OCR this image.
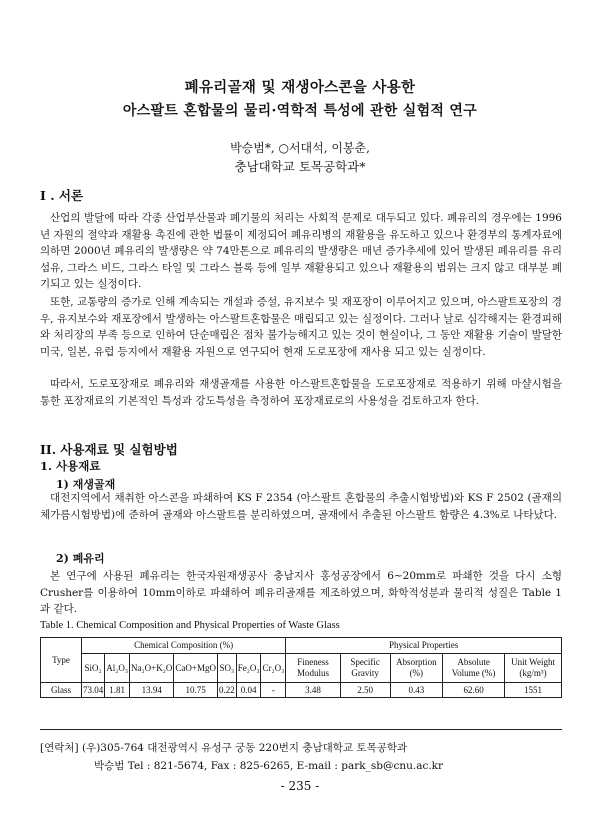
폐유리골재 및 재생아스콘을 사용한
아스팔트 혼합물의 물리·역학적 특성에 관한 실험적 연구
박승범*, ○서대석, 이봉춘,
충남대학교 토목공학과*
I . 서론

산업의 발달에 따라 각종 산업부산물과 폐기물의 처리는 사회적 문제로 대두되고 있다. 폐유리의 경우에는 1996년 자원의 절약과 재활용 촉진에 관한 법률이 제정되어 폐유리병의 재활용을 유도하고 있으나 환경부의 통계자료에 의하면 2000년 폐유리의 발생량은 약 74만톤으로 폐유리의 발생량은 매년 증가추세에 있어 발생된 폐유리를 유리섬유, 그라스 비드, 그라스 타일 및 그라스 블록 등에 일부 재활용되고 있으나 재활용의 범위는 크지 않고 대부분 폐기되고 있는 실정이다.

또한, 교통량의 증가로 인해 계속되는 개설과 증설, 유지보수 및 재포장이 이루어지고 있으며, 아스팔트포장의 경우, 유지보수와 재포장에서 발생하는 아스팔트혼합물은 매립되고 있는 실정이다. 그러나 날로 심각해지는 환경피해와 처리장의 부족 등으로 인하여 단순매립은 점차 불가능해지고 있는 것이 현실이나, 그 동안 재활용 기술이 발달한 미국, 일본, 유럽 등지에서 재활용 자원으로 연구되어 현재 도로포장에 재사용 되고 있는 실정이다.

따라서, 도로포장재로 폐유리와 재생골재를 사용한 아스팔트혼합물을 도로포장재로 적용하기 위해 마샬시험을 통한 포장재료의 기본적인 특성과 강도특성을 측정하여 포장재료로의 사용성을 검토하고자 한다.

II. 사용재료 및 실험방법
1. 사용재료
1) 재생골재

대전지역에서 채취한 아스콘을 파쇄하여 KS F 2354 (아스팔트 혼합물의 추출시험방법)와 KS F 2502 (골재의 체가름시험방법)에 준하여 골재와 아스팔트를 분리하였으며, 골재에서 추출된 아스팔트 함량은 4.3%로 나타났다.

2) 폐유리

본 연구에 사용된 폐유리는 한국자원재생공사 충남지사 홍성공장에서 6~20mm로 파쇄한 것을 다시 소형 Crusher를 이용하여 10mm이하로 파쇄하여 폐유리골재를 제조하였으며, 화학적성분과 물리적 성질은 Table 1과 같다.

Table 1. Chemical Composition and Physical Properties of Waste Glass
Type	Chemical Composition (%)							Physical Properties				
	SiO₂	Al₂O₃	Na₂O+K₂O	CaO+MgO	SO₃	Fe₂O₃	Cr₂O₃	Fineness Modulus	Specific Gravity	Absorption (%)	Absolute Volume (%)	Unit Weight (kg/m³)
Glass	73.04	1.81	13.94	10.75	0.22	0.04	-	3.48	2.50	0.43	62.60	1551
[연락처] (우)305-764 대전광역시 유성구 궁동 220번지 충남대학교 토목공학과
박승범 Tel : 821-5674, Fax : 825-6265, E-mail : park_sb@cnu.ac.kr
- 235 -
